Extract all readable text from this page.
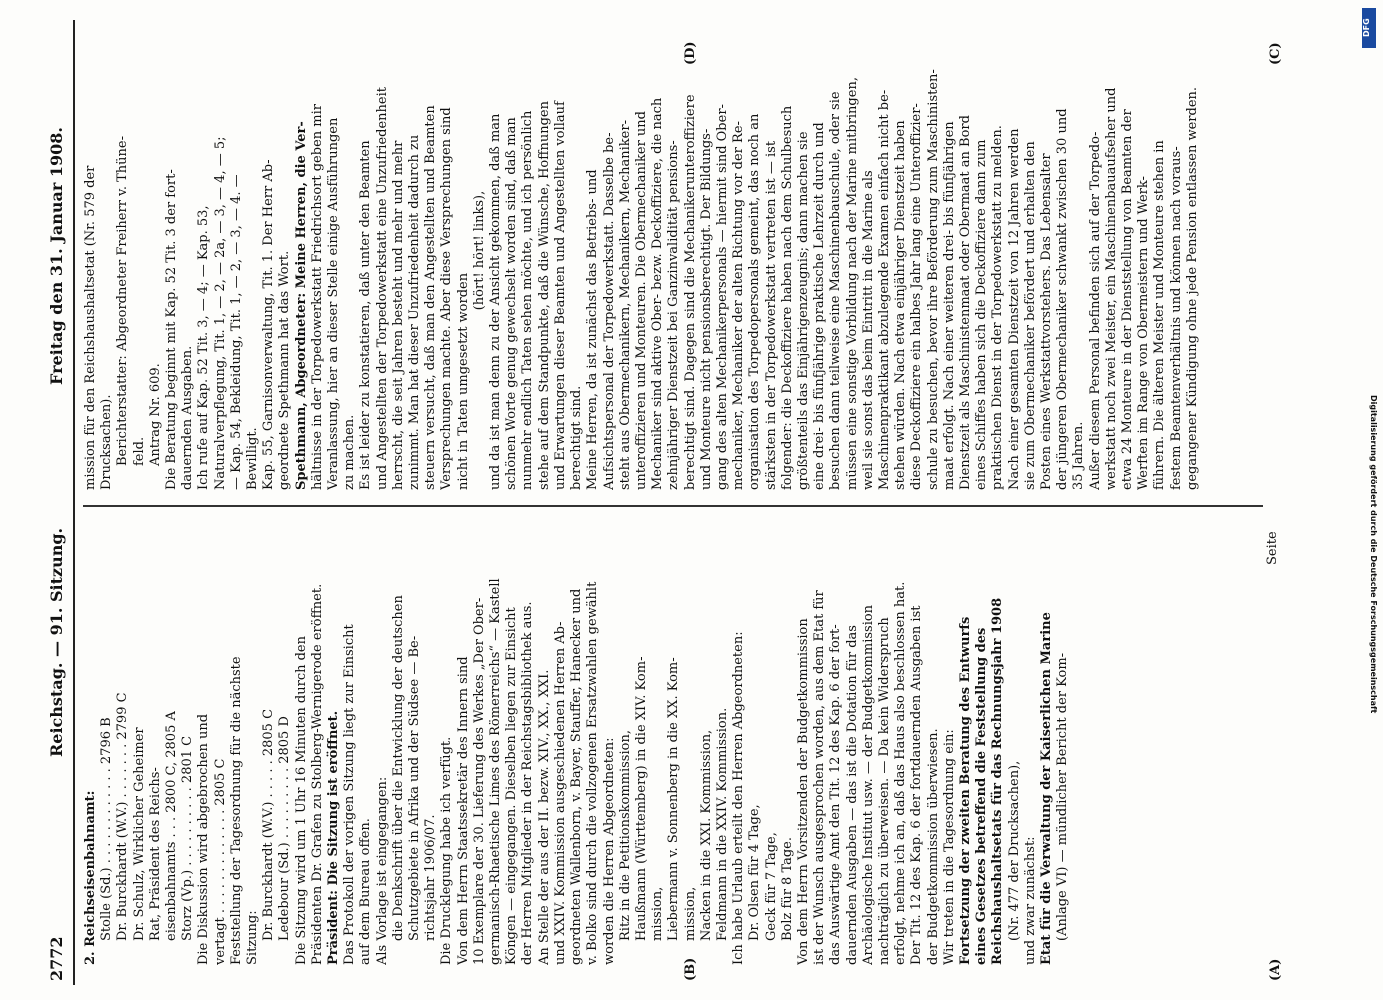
2772
Reichstag. — 91. Sitzung.
Freitag den 31. Januar 1908.
2. Reichseisenbahnamt: Stolle (Sd.) . . . . . . . . . . . . 2796 B Dr. Burckhardt (W.V.) . . . . . . . 2799 C Dr. Schulz, Wirklicher Geheimer Rat, Präsident des Reichs- eisenbahnamts . . . 2800 C, 2805 A Storz (Vp.) . . . . . . . . . . 2801 C Die Diskussion wird abgebrochen und vertagt . . . . . . . . . . . . . 2805 C Feststellung der Tagesordnung für die nächste Sitzung: Dr. Burckhardt (W.V.) . . . . . 2805 C Ledebour (Sd.) . . . . . . . . . 2805 D Die Sitzung wird um 1 Uhr 16 Minuten durch den Präsidenten Dr. Grafen zu Stolberg-Wernigerode eröffnet. Präsident: Die Sitzung ist eröffnet. Das Protokoll der vorigen Sitzung liegt zur Einsicht auf dem Bureau offen. Als Vorlage ist eingegangen: die Denkschrift über die Entwicklung der deutschen Schutzgebiete in Afrika und der Südsee — Be- richtsjahr 1906/07. Die Drucklegung habe ich verfügt. Von dem Herrn Staatssekretär des Innern sind 10 Exemplare der 30. Lieferung des Werkes „Der Ober- germanisch-Rhaetische Limes des Römerreichs“ — Kastell Köngen — eingegangen. Dieselben liegen zur Einsicht der Herren Mitglieder in der Reichstagsbibliothek aus. An Stelle der aus der II. bezw. XIV., XX., XXI. und XXIV. Kommission ausgeschiedenen Herren Ab- geordneten Wallenborn, v. Bayer, Stauffer, Hanecker und v. Bolko sind durch die vollzogenen Ersatzwahlen gewählt worden die Herren Abgeordneten: Ritz in die Petitionskommission, Haußmann (Württemberg) in die XIV. Kom- mission, Liebermann v. Sonnenberg in die XX. Kom- mission, Nacken in die XXI. Kommission, Feldmann in die XXIV. Kommission. Ich habe Urlaub erteilt den Herren Abgeordneten: Dr. Olsen für 4 Tage, Geck für 7 Tage, Bolz für 8 Tage. Von dem Herrn Vorsitzenden der Budgetkommission ist der Wunsch ausgesprochen worden, aus dem Etat für das Auswärtige Amt den Tit. 12 des Kap. 6 der fort- dauernden Ausgaben — das ist die Dotation für das Archäologische Institut usw. — der Budgetkommission nachträglich zu überweisen. — Da kein Widerspruch erfolgt, nehme ich an, daß das Haus also beschlossen hat. Der Tit. 12 des Kap. 6 der fortdauernden Ausgaben ist der Budgetkommission überwiesen. Wir treten in die Tagesordnung ein: Fortsetzung der zweiten Beratung des Entwurfs eines Gesetzes betreffend die Feststellung des Reichshaushaltsetats für das Rechnungsjahr 1908 (Nr. 477 der Drucksachen), und zwar zunächst: Etat für die Verwaltung der Kaiserlichen Marine (Anlage VI) — mündlicher Bericht der Kom-
mission für den Reichshaushaltsetat (Nr. 579 der Drucksachen). Berichterstatter: Abgeordneter Freiherr v. Thüne- feld. Antrag Nr. 609. Die Beratung beginnt mit Kap. 52 Tit. 3 der fort- dauernden Ausgaben. Ich rufe auf Kap. 52 Tit. 3, — 4; — Kap. 53, Naturalverpflegung, Tit. 1, — 2, — 2a, — 3, — 4, — 5; — Kap. 54, Bekleidung, Tit. 1, — 2, — 3, — 4. — Bewilligt. Kap. 55, Garnisonverwaltung, Tit. 1. Der Herr Ab- geordnete Spethmann hat das Wort. Spethmann, Abgeordneter: Meine Herren, die Ver- hältnisse in der Torpedowerkstatt Friedrichsort geben mir Veranlassung, hier an dieser Stelle einige Ausführungen zu machen. Es ist leider zu konstatieren, daß unter den Beamten und Angestellten der Torpedowerkstatt eine Unzufriedenheit herrscht, die seit Jahren besteht und mehr und mehr zunimmt. Man hat dieser Unzufriedenheit dadurch zu steuern versucht, daß man den Angestellten und Beamten Versprechungen machte. Aber diese Versprechungen sind nicht in Taten umgesetzt worden
(hört! hört! links), und da ist man denn zu der Ansicht gekommen, daß man schönen Worte genug gewechselt worden sind, daß man nunmehr endlich Taten sehen möchte, und ich persönlich stehe auf dem Standpunkte, daß die Wünsche, Hoffnungen und Erwartungen dieser Beamten und Angestellten vollauf berechtigt sind. Meine Herren, da ist zunächst das Betriebs- und Aufsichtspersonal der Torpedowerkstatt. Dasselbe be- steht aus Obermechanikern, Mechanikern, Mechaniker- unteroffizieren und Monteuren. Die Obermechaniker und Mechaniker sind aktive Ober- bezw. Deckoffiziere, die nach zehnjähriger Dienstzeit bei Ganzinvalidität pensions- berechtigt sind. Dagegen sind die Mechanikerunteroffiziere und Monteure nicht pensionsberechtigt. Der Bildungs- gang des alten Mechanikerpersonals — hiermit sind Ober- mechaniker, Mechaniker der alten Richtung vor der Re- organisation des Torpedopersonals gemeint, das noch an stärksten in der Torpedowerkstatt vertreten ist — ist folgender: die Deckoffiziere haben nach dem Schulbesuch größtenteils das Einjährigenzeugnis; dann machen sie eine drei- bis fünfjährige praktische Lehrzeit durch und besuchen dann teilweise eine Maschinenbauschule, oder sie müssen eine sonstige Vorbildung nach der Marine mitbringen, weil sie sonst das beim Eintritt in die Marine als Maschinenpraktikant abzulegende Examen einfach nicht be- stehen würden. Nach etwa einjähriger Dienstzeit haben diese Deckoffiziere ein halbes Jahr lang eine Unteroffizier- schule zu besuchen, bevor ihre Beförderung zum Maschinisten- maat erfolgt. Nach einer weiteren drei- bis fünfjährigen Dienstzeit als Maschinistenmaat oder Obermaat an Bord eines Schiffes haben sich die Deckoffiziere dann zum praktischen Dienst in der Torpedowerkstatt zu melden. Nach einer gesamten Dienstzeit von 12 Jahren werden sie zum Obermechaniker befördert und erhalten den Posten eines Werkstattvorstehers. Das Lebensalter der jüngeren Obermechaniker schwankt zwischen 30 und 35 Jahren. Außer diesem Personal befinden sich auf der Torpedo- werkstatt noch zwei Meister, ein Maschinenbauaufseher und etwa 24 Monteure in der Dienststellung von Beamten der Werften im Range von Obermeistern und Werk- führern. Die älteren Meister und Monteure stehen in festem Beamtenverhältnis und können nach voraus- gegangener Kündigung ohne jede Pension entlassen werden.
(A)
(B)
(C)
(D)
Seite
DFG
Digitalisierung gefördert durch die Deutsche Forschungsgemeinschaft
